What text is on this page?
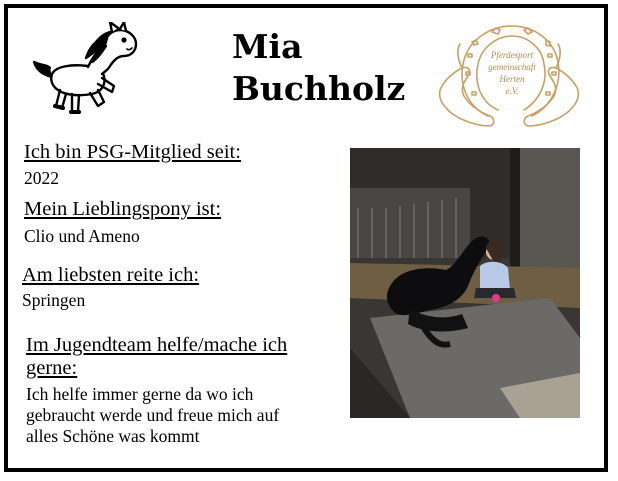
Mia
Buchholz
Pferdesport
gemeinschaft
Herten
e.V.
Ich bin PSG-Mitglied seit:
2022
Mein Lieblingspony ist:
Clio und Ameno
Am liebsten reite ich:
Springen
Im Jugendteam helfe/mache ich
gerne:
Ich helfe immer gerne da wo ich
gebraucht werde und freue mich auf
alles Schöne was kommt
